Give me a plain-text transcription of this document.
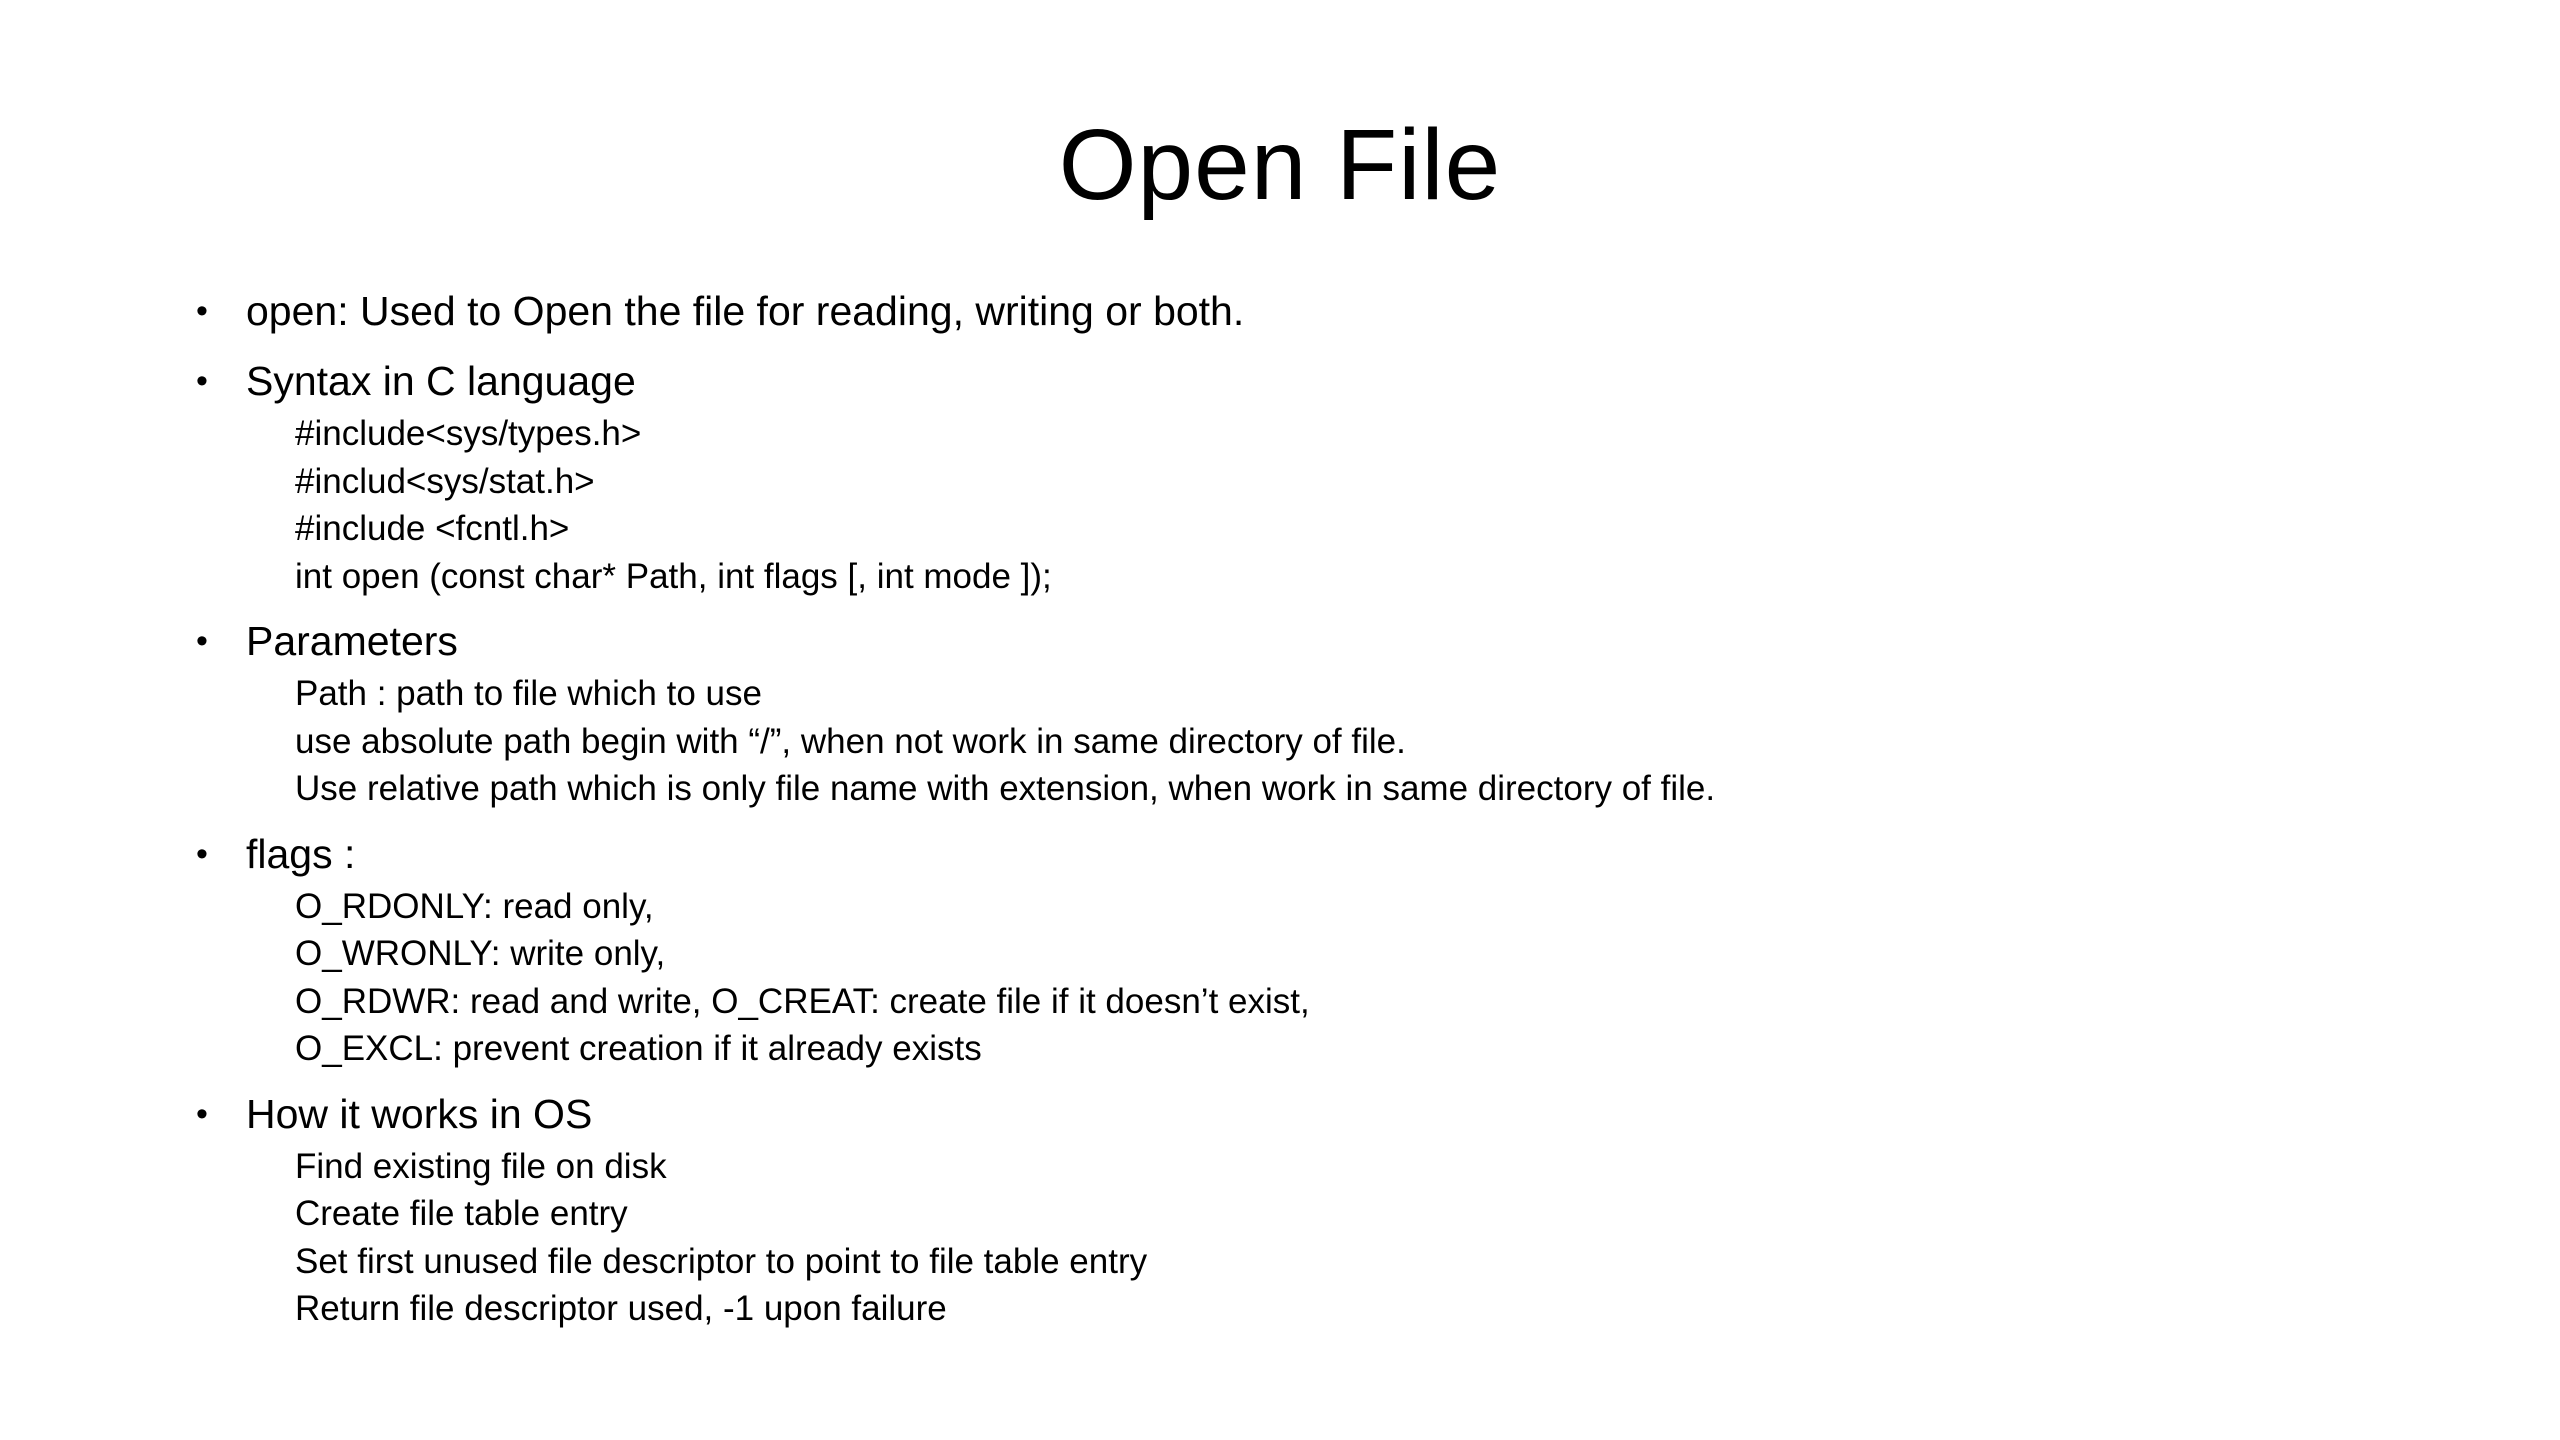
Open File
• open: Used to Open the file for reading, writing or both.
• Syntax in C language
#include<sys/types.h>
#includ<sys/stat.h>
#include <fcntl.h>
int open (const char* Path, int flags [, int mode ]);
• Parameters
Path : path to file which to use
use absolute path begin with “/”, when not work in same directory of file.
Use relative path which is only file name with extension, when work in same directory of file.
• flags :
O_RDONLY: read only,
O_WRONLY: write only,
O_RDWR: read and write, O_CREAT: create file if it doesn’t exist,
O_EXCL: prevent creation if it already exists
• How it works in OS
Find existing file on disk
Create file table entry
Set first unused file descriptor to point to file table entry
Return file descriptor used, -1 upon failure
